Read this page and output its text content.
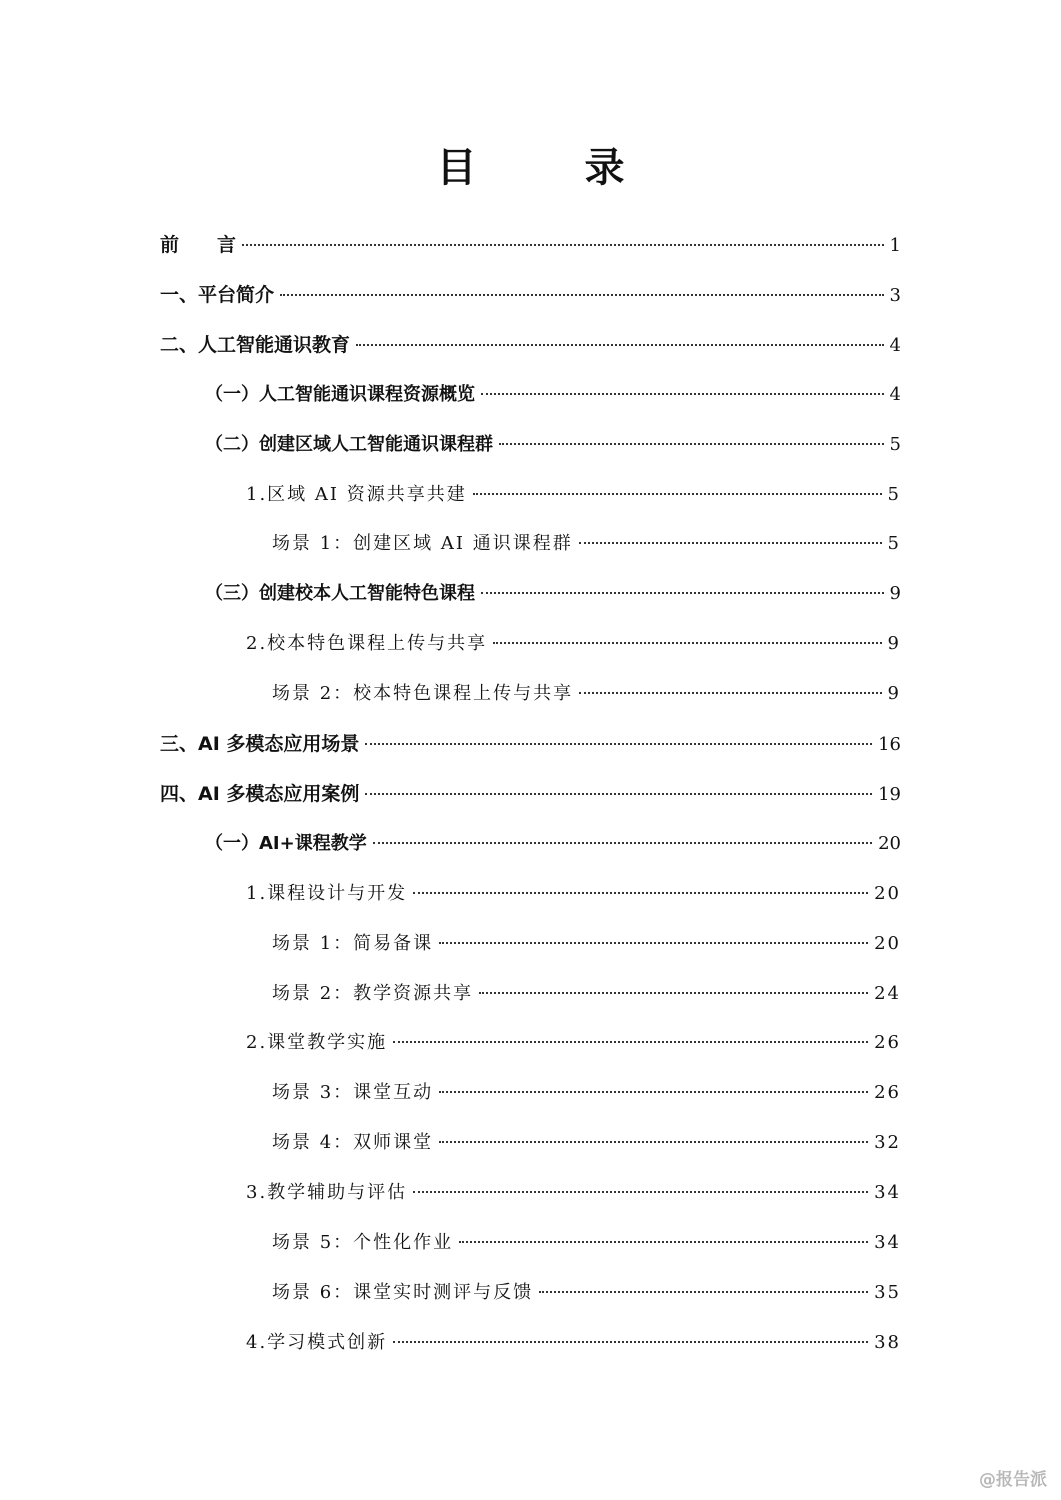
目　录
前　　言	1
一、平台简介	3
二、人工智能通识教育	4
（一）人工智能通识课程资源概览	4
（二）创建区域人工智能通识课程群	5
1.区域 AI 资源共享共建	5
场景 1：创建区域 AI 通识课程群	5
（三）创建校本人工智能特色课程	9
2.校本特色课程上传与共享	9
场景 2：校本特色课程上传与共享	9
三、AI 多模态应用场景	16
四、AI 多模态应用案例	19
（一）AI+课程教学	20
1.课程设计与开发	20
场景 1：简易备课	20
场景 2：教学资源共享	24
2.课堂教学实施	26
场景 3：课堂互动	26
场景 4：双师课堂	32
3.教学辅助与评估	34
场景 5：个性化作业	34
场景 6：课堂实时测评与反馈	35
4.学习模式创新	38
@报告派
